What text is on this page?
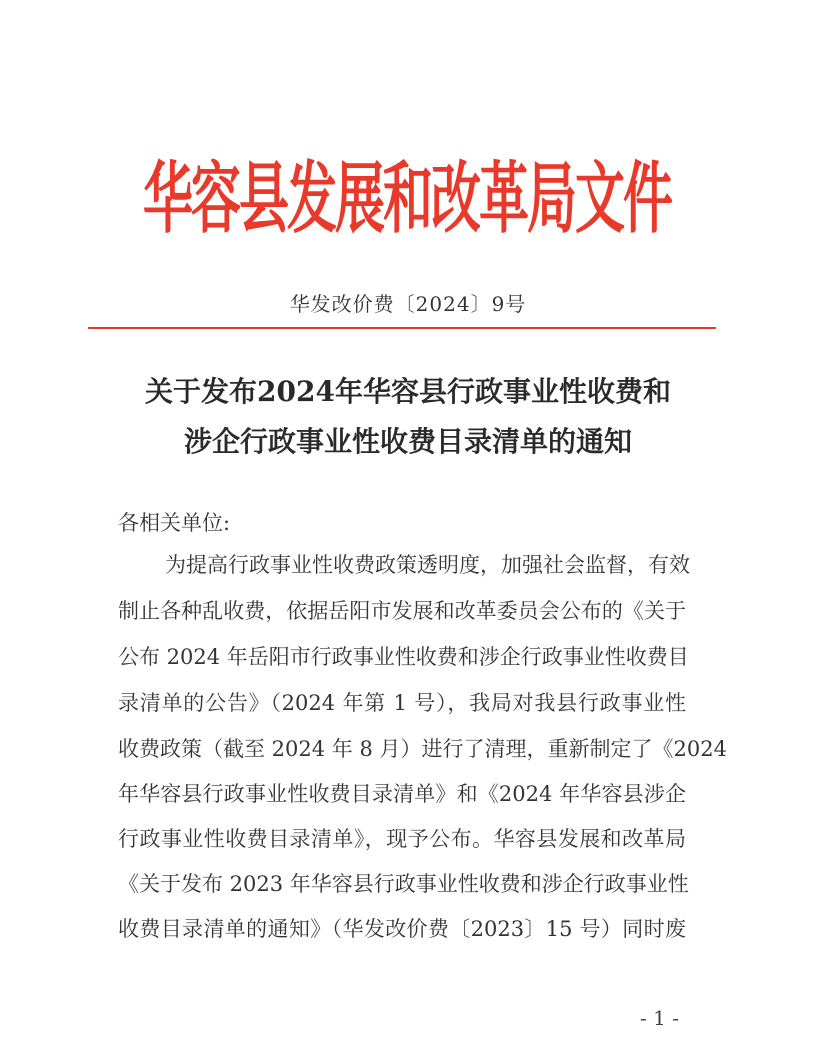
华容县发展和改革局文件
华发改价费〔2024〕9号
关于发布2024年华容县行政事业性收费和
涉企行政事业性收费目录清单的通知
各相关单位:
为提高行政事业性收费政策透明度，加强社会监督，有效
制止各种乱收费，依据岳阳市发展和改革委员会公布的《关于
公布 2024 年岳阳市行政事业性收费和涉企行政事业性收费目
录清单的公告》（2024 年第 1 号），我局对我县行政事业性
收费政策（截至 2024 年 8 月）进行了清理，重新制定了《2024
年华容县行政事业性收费目录清单》和《2024 年华容县涉企
行政事业性收费目录清单》，现予公布。华容县发展和改革局
《关于发布 2023 年华容县行政事业性收费和涉企行政事业性
收费目录清单的通知》（华发改价费〔2023〕15 号）同时废
- 1 -
